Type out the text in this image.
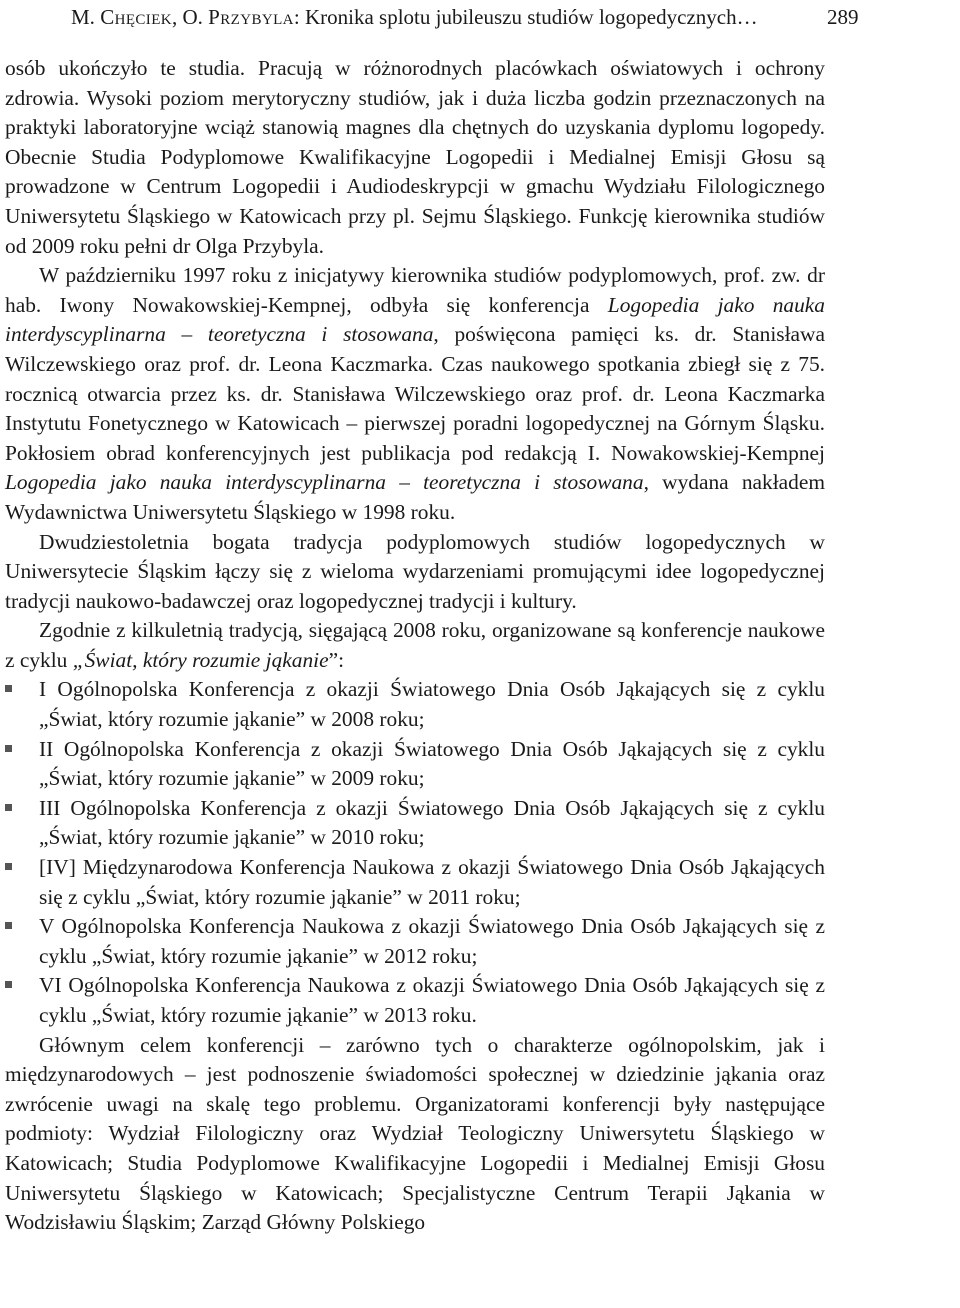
M. Chęciek, O. Przybyla: Kronika splotu jubileuszu studiów logopedycznych…	289

osób ukończyło te studia. Pracują w różnorodnych placówkach oświatowych i ochrony zdrowia. Wysoki poziom merytoryczny studiów, jak i duża liczba godzin przeznaczonych na praktyki laboratoryjne wciąż stanowią magnes dla chętnych do uzyskania dyplomu logopedy. Obecnie Studia Podyplomowe Kwalifikacyjne Logopedii i Medialnej Emisji Głosu są prowadzone w Centrum Logopedii i Audiodeskrypcji w gmachu Wydziału Filologicznego Uniwersytetu Śląskiego w Katowicach przy pl. Sejmu Śląskiego. Funkcję kierownika studiów od 2009 roku pełni dr Olga Przybyla.

W październiku 1997 roku z inicjatywy kierownika studiów podyplomowych, prof. zw. dr hab. Iwony Nowakowskiej-Kempnej, odbyła się konferencja Logopedia jako nauka interdyscyplinarna – teoretyczna i stosowana, poświęcona pamięci ks. dr. Stanisława Wilczewskiego oraz prof. dr. Leona Kaczmarka. Czas naukowego spotkania zbiegł się z 75. rocznicą otwarcia przez ks. dr. Stanisława Wilczewskiego oraz prof. dr. Leona Kaczmarka Instytutu Fonetycznego w Katowicach – pierwszej poradni logopedycznej na Górnym Śląsku. Pokłosiem obrad konferencyjnych jest publikacja pod redakcją I. Nowakowskiej-Kempnej Logopedia jako nauka interdyscyplinarna – teoretyczna i stosowana, wydana nakładem Wydawnictwa Uniwersytetu Śląskiego w 1998 roku.

Dwudziestoletnia bogata tradycja podyplomowych studiów logopedycznych w Uniwersytecie Śląskim łączy się z wieloma wydarzeniami promującymi idee logopedycznej tradycji naukowo-badawczej oraz logopedycznej tradycji i kultury.

Zgodnie z kilkuletnią tradycją, sięgającą 2008 roku, organizowane są konferencje naukowe z cyklu „Świat, który rozumie jąkanie”:

I Ogólnopolska Konferencja z okazji Światowego Dnia Osób Jąkających się z cyklu „Świat, który rozumie jąkanie” w 2008 roku;
II Ogólnopolska Konferencja z okazji Światowego Dnia Osób Jąkających się z cyklu „Świat, który rozumie jąkanie” w 2009 roku;
III Ogólnopolska Konferencja z okazji Światowego Dnia Osób Jąkających się z cyklu „Świat, który rozumie jąkanie” w 2010 roku;
[IV] Międzynarodowa Konferencja Naukowa z okazji Światowego Dnia Osób Jąkających się z cyklu „Świat, który rozumie jąkanie” w 2011 roku;
V Ogólnopolska Konferencja Naukowa z okazji Światowego Dnia Osób Jąkających się z cyklu „Świat, który rozumie jąkanie” w 2012 roku;
VI Ogólnopolska Konferencja Naukowa z okazji Światowego Dnia Osób Jąkających się z cyklu „Świat, który rozumie jąkanie” w 2013 roku.

Głównym celem konferencji – zarówno tych o charakterze ogólnopolskim, jak i międzynarodowych – jest podnoszenie świadomości społecznej w dziedzinie jąkania oraz zwrócenie uwagi na skalę tego problemu. Organizatorami konferencji były następujące podmioty: Wydział Filologiczny oraz Wydział Teologiczny Uniwersytetu Śląskiego w Katowicach; Studia Podyplomowe Kwalifikacyjne Logopedii i Medialnej Emisji Głosu Uniwersytetu Śląskiego w Katowicach; Specjalistyczne Centrum Terapii Jąkania w Wodzisławiu Śląskim; Zarząd Główny Polskiego
